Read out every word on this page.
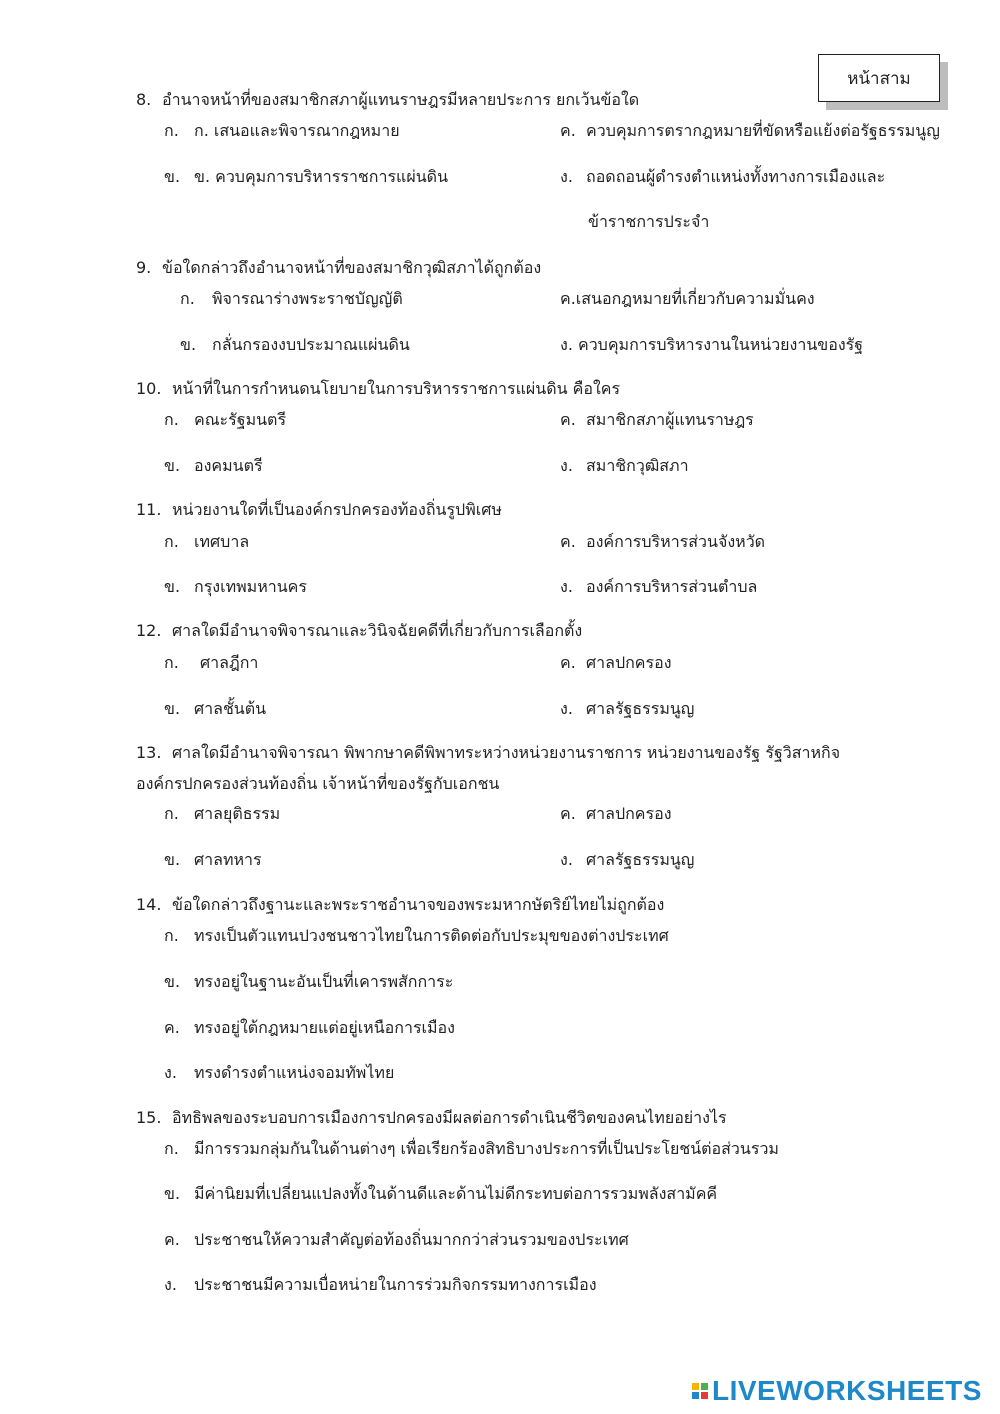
หน้าสาม
8. อำนาจหน้าที่ของสมาชิกสภาผู้แทนราษฎรมีหลายประการ ยกเว้นข้อใด
ก. ก. เสนอและพิจารณากฎหมาย
ข. ข. ควบคุมการบริหารราชการแผ่นดิน
ค. ควบคุมการตรากฎหมายที่ขัดหรือแย้งต่อรัฐธรรมนูญ
ง. ถอดถอนผู้ดำรงตำแหน่งทั้งทางการเมืองและ
ข้าราชการประจำ
9. ข้อใดกล่าวถึงอำนาจหน้าที่ของสมาชิกวุฒิสภาได้ถูกต้อง
ก. พิจารณาร่างพระราชบัญญัติ
ข. กลั่นกรองงบประมาณแผ่นดิน
ค.เสนอกฎหมายที่เกี่ยวกับความมั่นคง
ง. ควบคุมการบริหารงานในหน่วยงานของรัฐ
10. หน้าที่ในการกำหนดนโยบายในการบริหารราชการแผ่นดิน คือใคร
ก. คณะรัฐมนตรี
ข. องคมนตรี
ค. สมาชิกสภาผู้แทนราษฎร
ง. สมาชิกวุฒิสภา
11. หน่วยงานใดที่เป็นองค์กรปกครองท้องถิ่นรูปพิเศษ
ก. เทศบาล
ข. กรุงเทพมหานคร
ค. องค์การบริหารส่วนจังหวัด
ง. องค์การบริหารส่วนตำบล
12. ศาลใดมีอำนาจพิจารณาและวินิจฉัยคดีที่เกี่ยวกับการเลือกตั้ง
ก. ศาลฎีกา
ข. ศาลชั้นต้น
ค. ศาลปกครอง
ง. ศาลรัฐธรรมนูญ
13. ศาลใดมีอำนาจพิจารณา พิพากษาคดีพิพาทระหว่างหน่วยงานราชการ หน่วยงานของรัฐ รัฐวิสาหกิจ
องค์กรปกครองส่วนท้องถิ่น เจ้าหน้าที่ของรัฐกับเอกชน
ก. ศาลยุติธรรม
ข. ศาลทหาร
ค. ศาลปกครอง
ง. ศาลรัฐธรรมนูญ
14. ข้อใดกล่าวถึงฐานะและพระราชอำนาจของพระมหากษัตริย์ไทยไม่ถูกต้อง
ก. ทรงเป็นตัวแทนปวงชนชาวไทยในการติดต่อกับประมุขของต่างประเทศ
ข. ทรงอยู่ในฐานะอันเป็นที่เคารพสักการะ
ค. ทรงอยู่ใต้กฎหมายแต่อยู่เหนือการเมือง
ง. ทรงดำรงตำแหน่งจอมทัพไทย
15. อิทธิพลของระบอบการเมืองการปกครองมีผลต่อการดำเนินชีวิตของคนไทยอย่างไร
ก. มีการรวมกลุ่มกันในด้านต่างๆ เพื่อเรียกร้องสิทธิบางประการที่เป็นประโยชน์ต่อส่วนรวม
ข. มีค่านิยมที่เปลี่ยนแปลงทั้งในด้านดีและด้านไม่ดีกระทบต่อการรวมพลังสามัคคี
ค. ประชาชนให้ความสำคัญต่อท้องถิ่นมากกว่าส่วนรวมของประเทศ
ง. ประชาชนมีความเบื่อหน่ายในการร่วมกิจกรรมทางการเมือง
LIVEWORKSHEETS
